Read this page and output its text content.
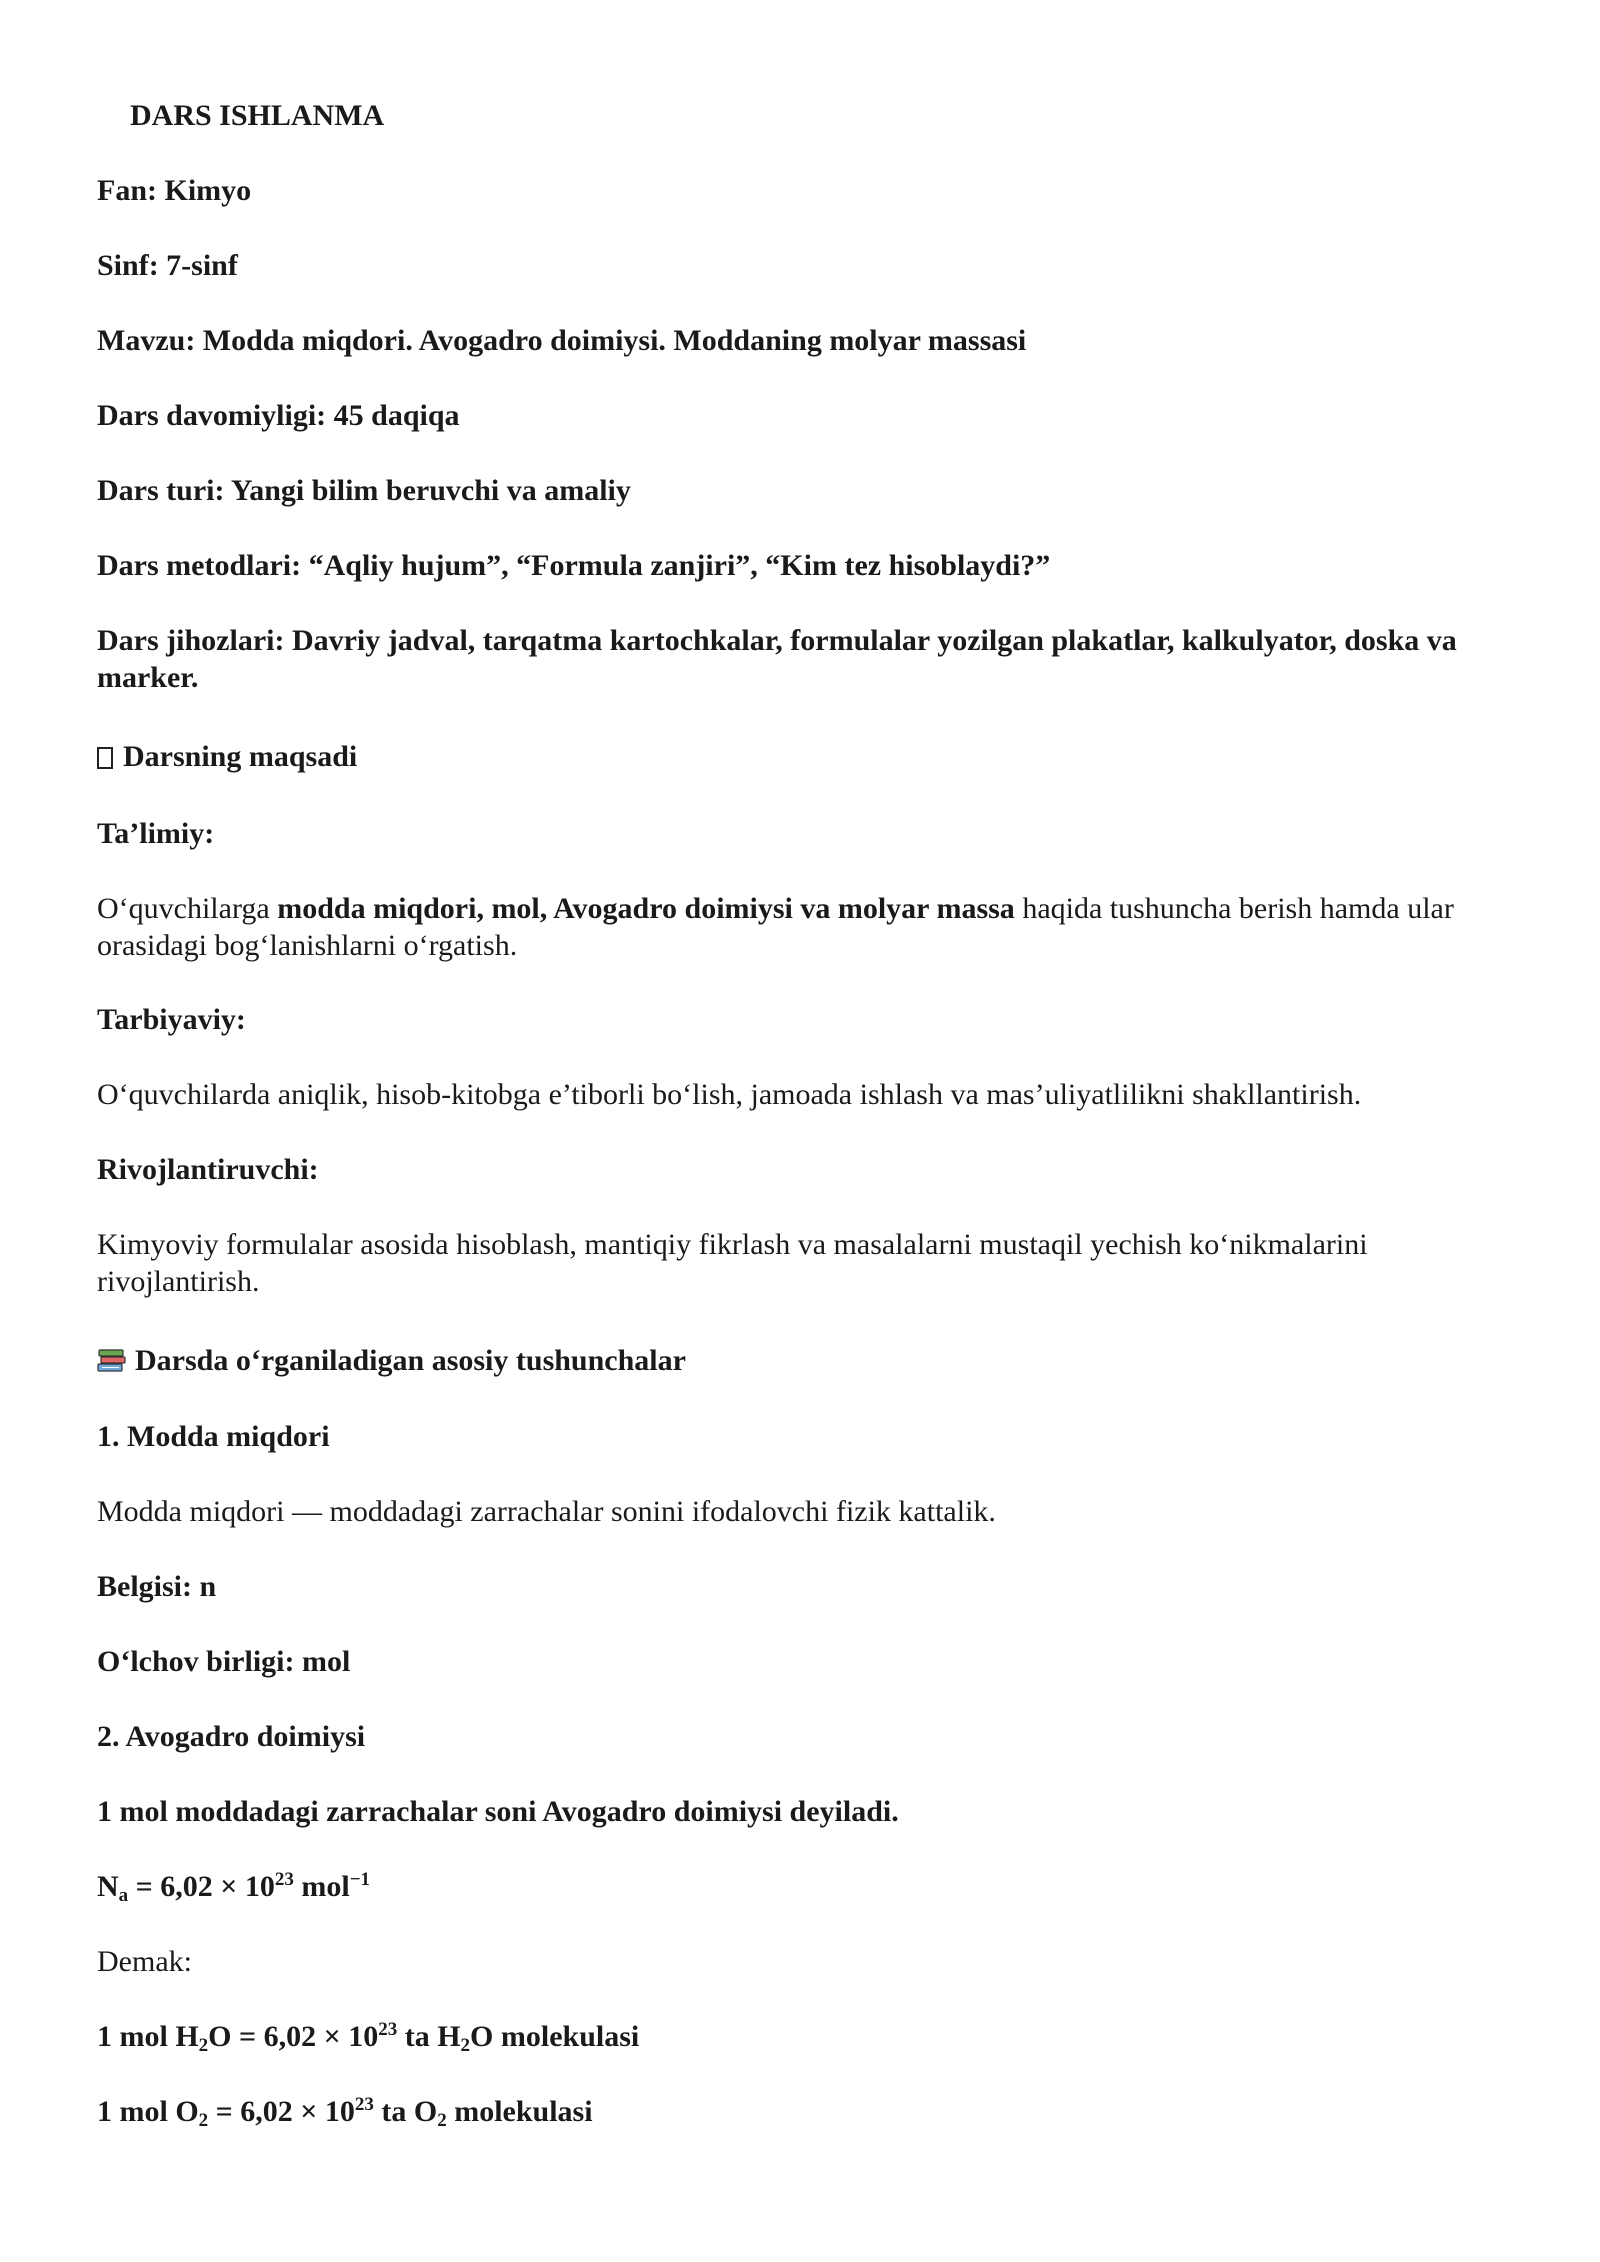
DARS ISHLANMA
Fan: Kimyo
Sinf: 7-sinf
Mavzu: Modda miqdori. Avogadro doimiysi. Moddaning molyar massasi
Dars davomiyligi: 45 daqiqa
Dars turi: Yangi bilim beruvchi va amaliy
Dars metodlari: “Aqliy hujum”, “Formula zanjiri”, “Kim tez hisoblaydi?”
Dars jihozlari: Davriy jadval, tarqatma kartochkalar, formulalar yozilgan plakatlar, kalkulyator, doska va marker.
Darsning maqsadi
Ta’limiy:
O‘quvchilarga modda miqdori, mol, Avogadro doimiysi va molyar massa haqida tushuncha berish hamda ular orasidagi bog‘lanishlarni o‘rgatish.
Tarbiyaviy:
O‘quvchilarda aniqlik, hisob-kitobga e’tiborli bo‘lish, jamoada ishlash va mas’uliyatlilikni shakllantirish.
Rivojlantiruvchi:
Kimyoviy formulalar asosida hisoblash, mantiqiy fikrlash va masalalarni mustaqil yechish ko‘nikmalarini rivojlantirish.
Darsda o‘rganiladigan asosiy tushunchalar
1. Modda miqdori
Modda miqdori — moddadagi zarrachalar sonini ifodalovchi fizik kattalik.
Belgisi: n
O‘lchov birligi: mol
2. Avogadro doimiysi
1 mol moddadagi zarrachalar soni Avogadro doimiysi deyiladi.
$N_a = 6,02 \times 10^{23}$ mol$^{-1}$
Demak:
1 mol $H_2O = 6,02 \times 10^{23}$ ta $H_2O$ molekulasi
1 mol $O_2 = 6,02 \times 10^{23}$ ta $O_2$ molekulasi
